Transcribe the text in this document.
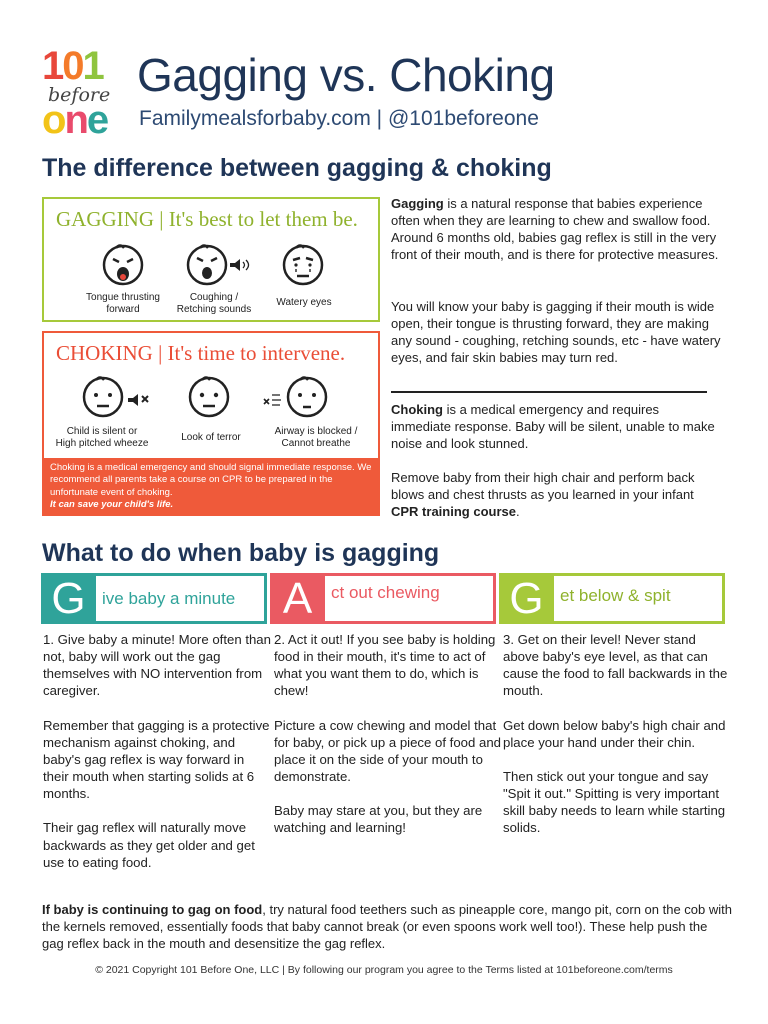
101
before
one
Gagging vs. Choking
Familymealsforbaby.com | @101beforeone
The difference between gagging & choking
GAGGING | It's best to let them be.
Tongue thrusting
forward
Coughing /
Retching sounds
Watery eyes
CHOKING | It's time to intervene.
Child is silent or
High pitched wheeze	Look of terror
Airway is blocked /
Cannot breathe
Choking is a medical emergency and should signal immediate response. We recommend all parents take a course on CPR to be prepared in the unfortunate event of choking.
It can save your child's life.
Gagging is a natural response that babies experience often when they are learning to chew and swallow food. Around 6 months old, babies gag reflex is still in the very front of their mouth, and is there for protective measures.
You will know your baby is gagging if their mouth is wide open, their tongue is thrusting forward, they are making any sound - coughing, retching sounds, etc - have watery eyes, and fair skin babies may turn red.
Choking is a medical emergency and requires immediate response. Baby will be silent, unable to make noise and look stunned.
Remove baby from their high chair and perform back blows and chest thrusts as you learned in your infant CPR training course.
What to do when baby is gagging
G ive baby a minute A	ct out chewing G et below & spit

1. Give baby a minute! More often than not, baby will work out the gag themselves with NO intervention from caregiver.

Remember that gagging is a protective mechanism against choking, and baby's gag reflex is way forward in their mouth when starting solids at 6 months.

Their gag reflex will naturally move backwards as they get older and get use to eating food.

2. Act it out! If you see baby is holding food in their mouth, it's time to act of what you want them to do, which is chew!

Picture a cow chewing and model that for baby, or pick up a piece of food and place it on the side of your mouth to demonstrate.

Baby may stare at you, but they are watching and learning!

3. Get on their level! Never stand above baby's eye level, as that can cause the food to fall backwards in the mouth.

Get down below baby's high chair and place your hand under their chin.

Then stick out your tongue and say "Spit it out." Spitting is very important skill baby needs to learn while starting solids.

If baby is continuing to gag on food, try natural food teethers such as pineapple core, mango pit, corn on the cob with the kernels removed, essentially foods that baby cannot break (or even spoons work well too!). These help push the gag reflex back in the mouth and desensitize the gag reflex.
© 2021 Copyright 101 Before One, LLC | By following our program you agree to the Terms listed at 101beforeone.com/terms
